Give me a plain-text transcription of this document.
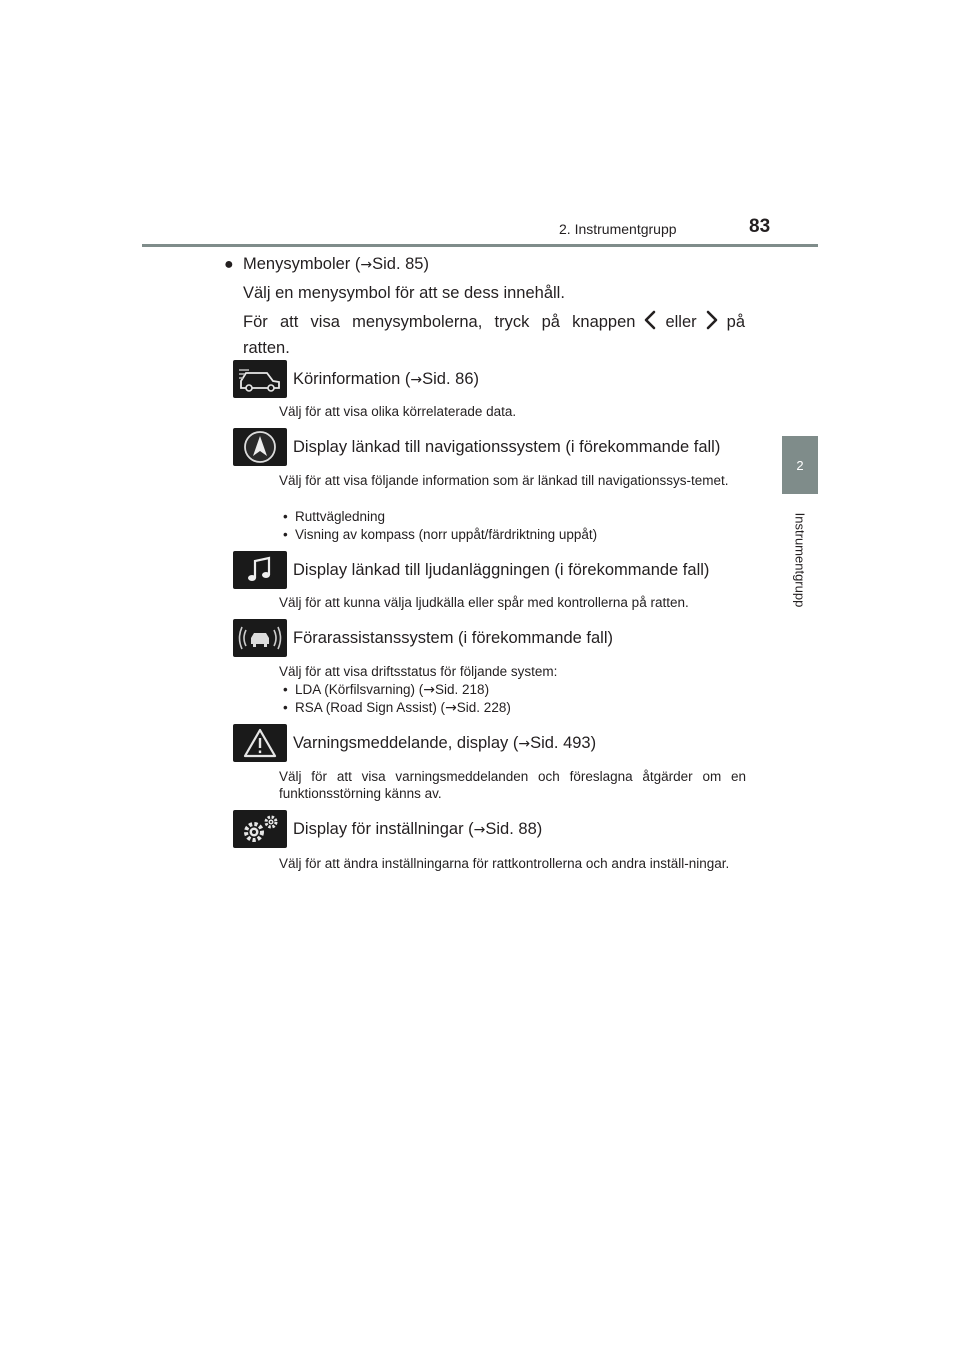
2. Instrumentgrupp	83
2
Instrumentgrupp
● Menysymboler (→Sid. 85)
Välj en menysymbol för att se dess innehåll.
För att visa menysymbolerna, tryck på knappen eller på ratten.
Körinformation (→Sid. 86)
Välj för att visa olika körrelaterade data.
Display länkad till navigationssystem (i förekommande fall)
Välj för att visa följande information som är länkad till navigationssys-temet.
• Ruttvägledning
• Visning av kompass (norr uppåt/färdriktning uppåt)
Display länkad till ljudanläggningen (i förekommande fall)
Välj för att kunna välja ljudkälla eller spår med kontrollerna på ratten.
Förarassistanssystem (i förekommande fall)
Välj för att visa driftsstatus för följande system:
• LDA (Körfilsvarning) (→Sid. 218)
• RSA (Road Sign Assist) (→Sid. 228)
Varningsmeddelande, display (→Sid. 493)
Välj för att visa varningsmeddelanden och föreslagna åtgärder om en funktionsstörning känns av.
Display för inställningar (→Sid. 88)
Välj för att ändra inställningarna för rattkontrollerna och andra inställ-ningar.
